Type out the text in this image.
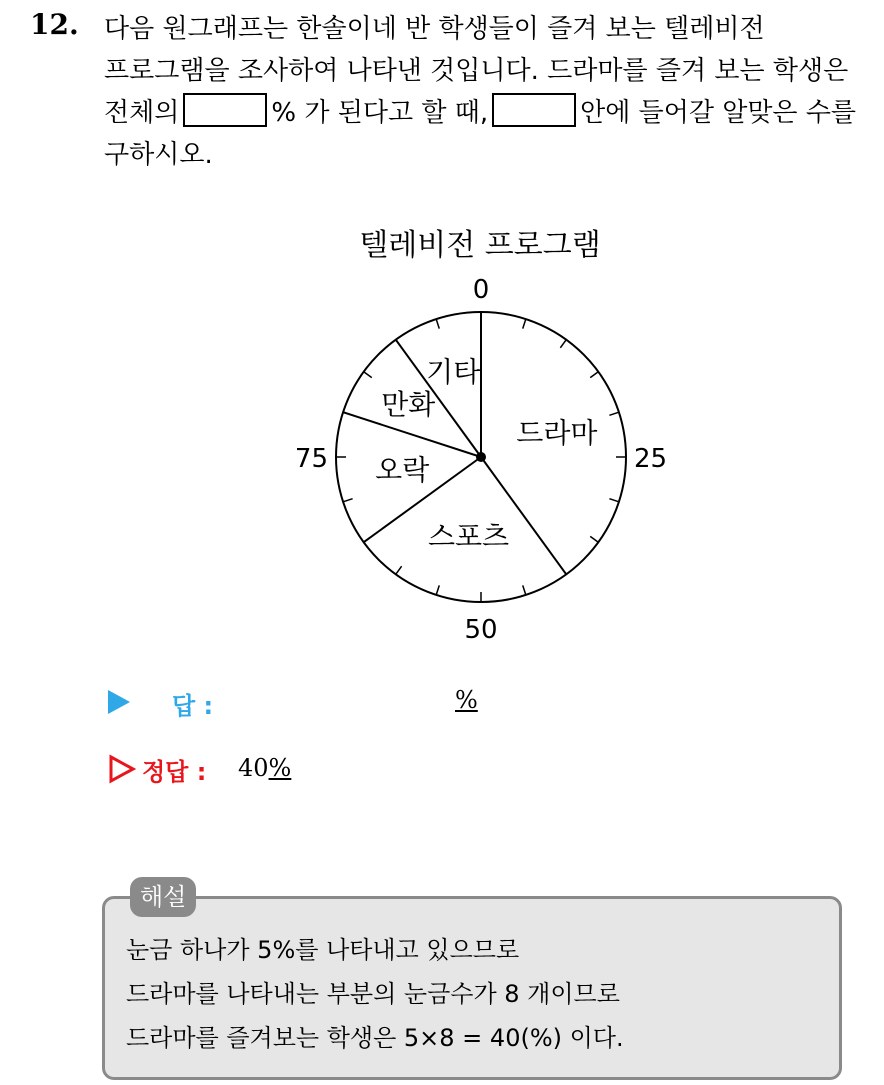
12. 다음 원그래프는 한솔이네 반 학생들이 즐겨 보는 텔레비전
프로그램을 조사하여 나타낸 것입니다. 드라마를 즐겨 보는 학생은
전체의	% 가 된다고 할 때,	안에 들어갈 알맞은 수를
구하시오.
텔레비전 프로그램
드라마
스포츠
오락
만화
기타
0
25
50
75
답 :	%
정답 : 40%
해설
눈금 하나가 5%를 나타내고 있으므로
드라마를 나타내는 부분의 눈금수가 8 개이므로
드라마를 즐겨보는 학생은 5×8 = 40(%) 이다.
